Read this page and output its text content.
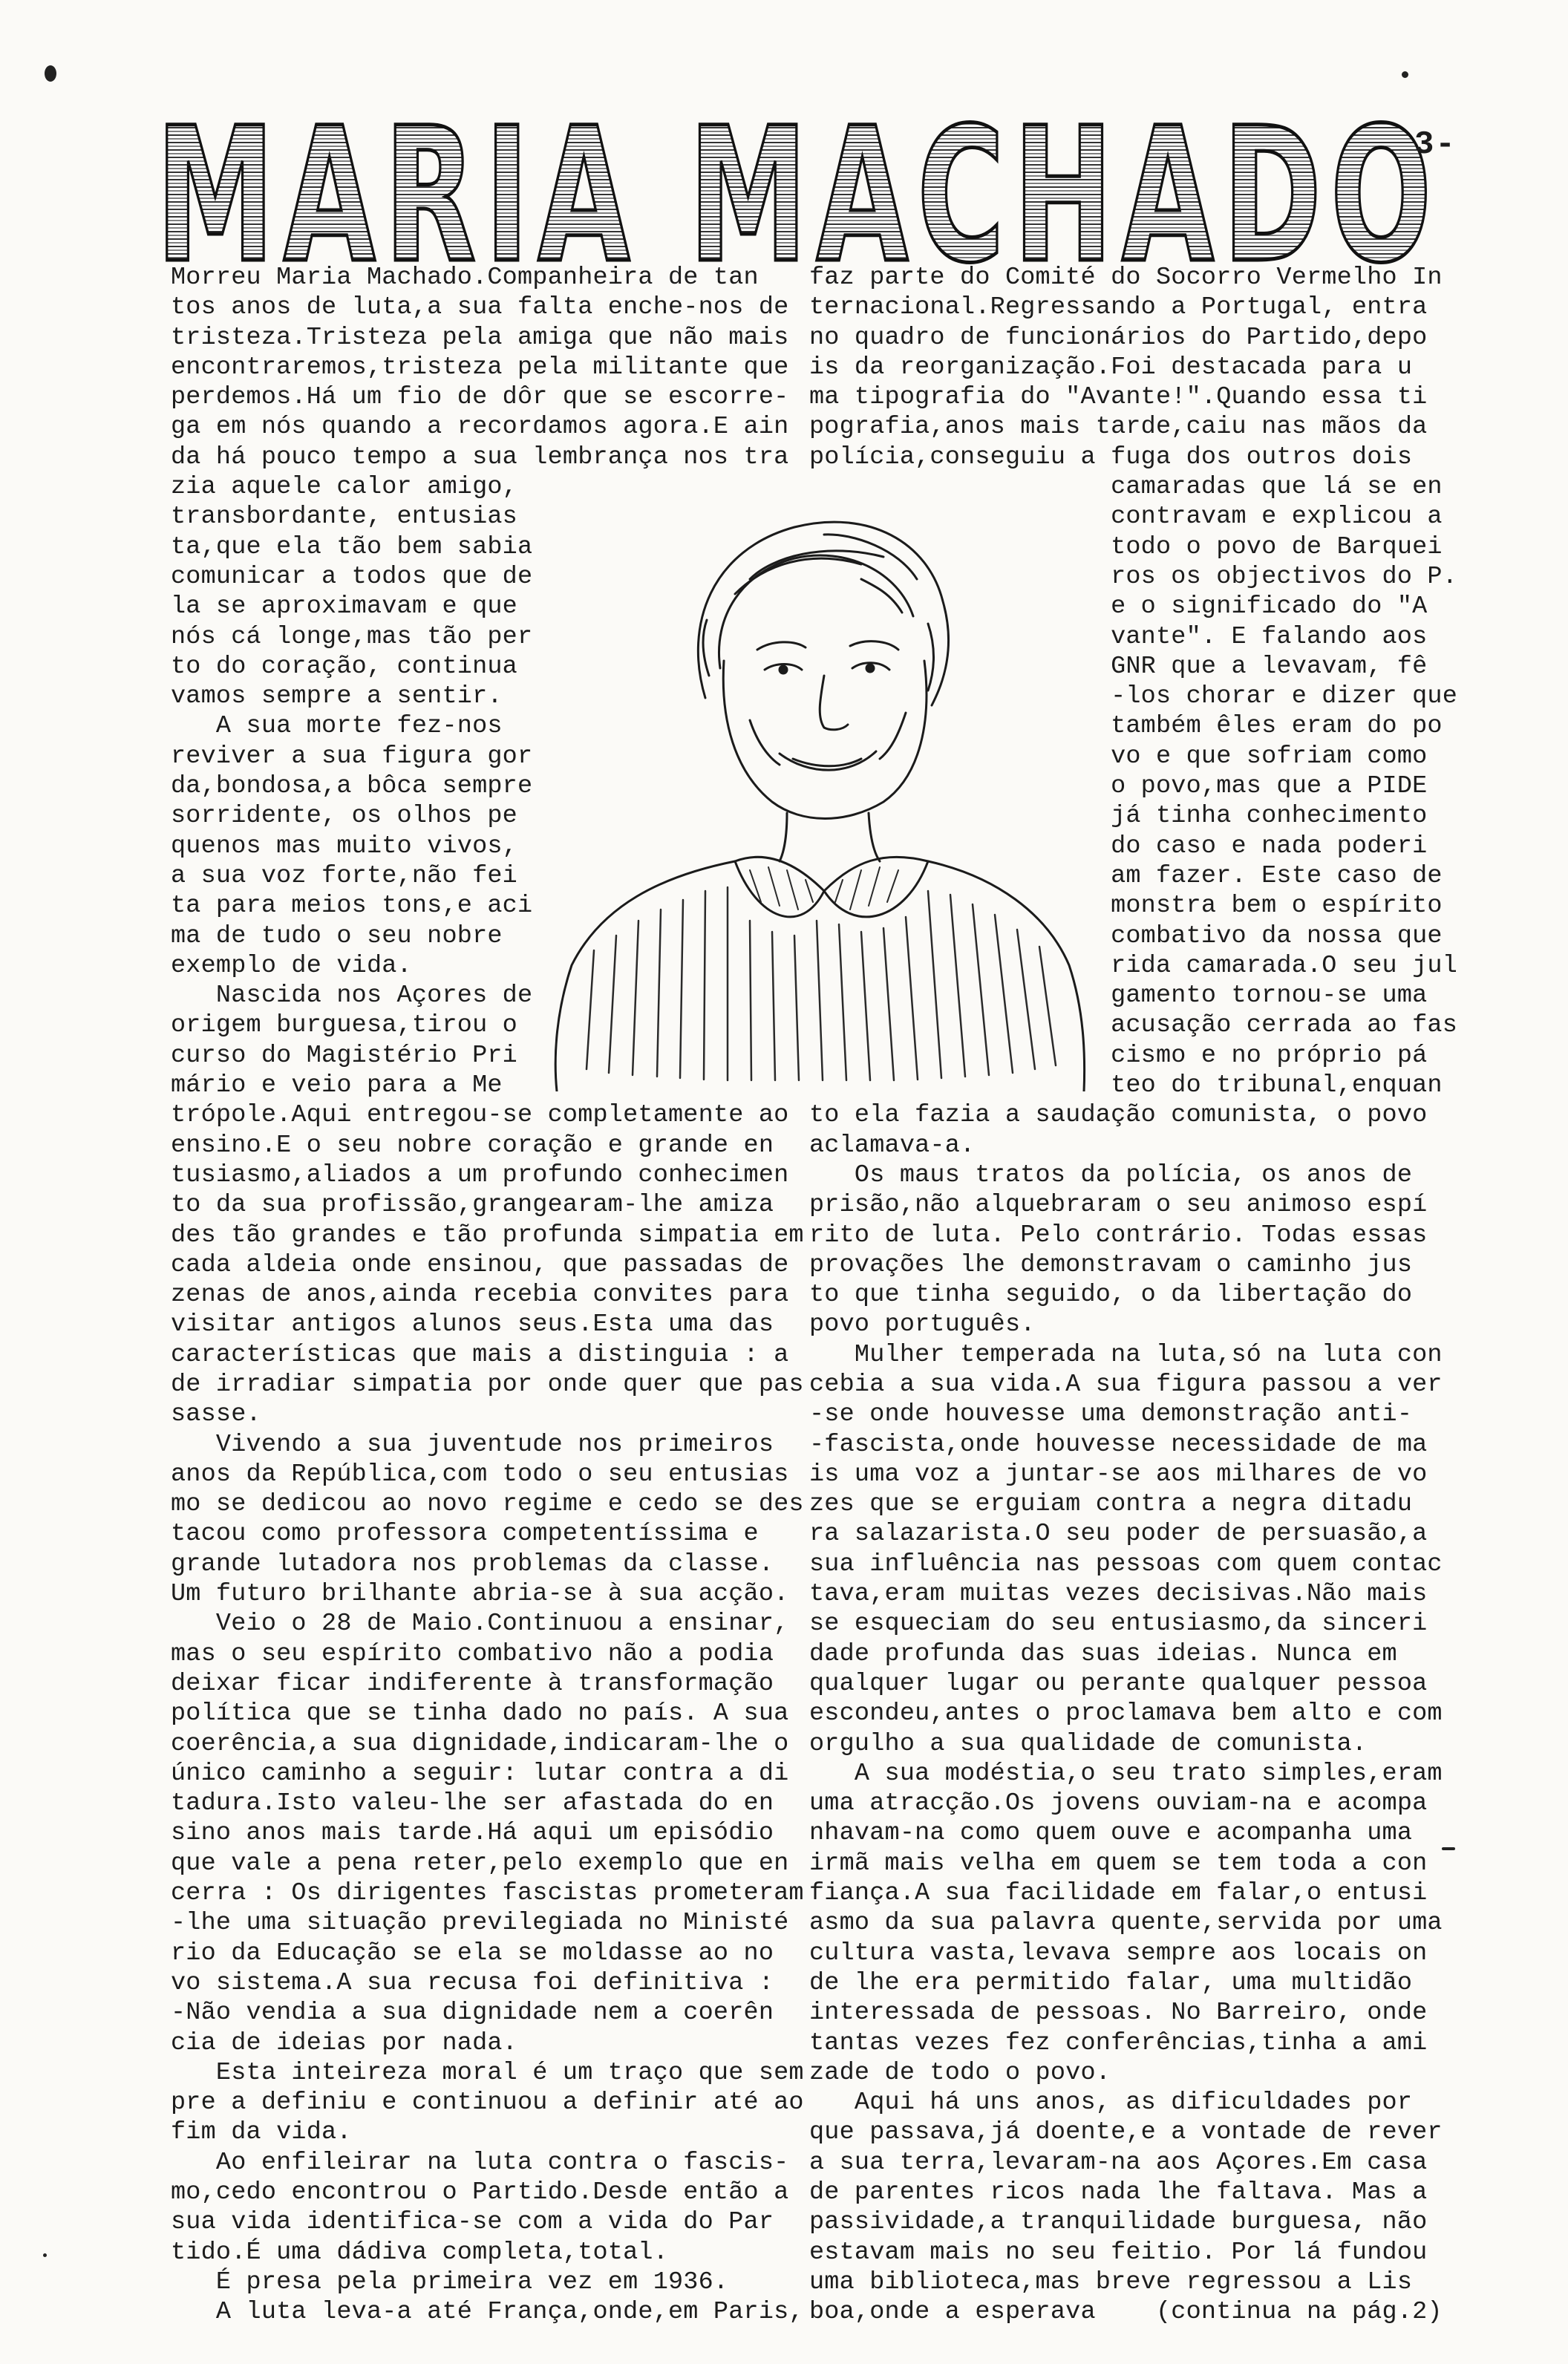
MARIA MACHADO
3-
Morreu Maria Machado.Companheira de tan
tos anos de luta,a sua falta enche-nos de
tristeza.Tristeza pela amiga que não mais
encontraremos,tristeza pela militante que
perdemos.Há um fio de dôr que se escorre-
ga em nós quando a recordamos agora.E ain
da há pouco tempo a sua lembrança nos tra
zia aquele calor amigo,
transbordante, entusias
ta,que ela tão bem sabia
comunicar a todos que de
la se aproximavam e que
nós cá longe,mas tão per
to do coração, continua
vamos sempre a sentir.
A sua morte fez-nos
reviver a sua figura gor
da,bondosa,a bôca sempre
sorridente, os olhos pe
quenos mas muito vivos,
a sua voz forte,não fei
ta para meios tons,e aci
ma de tudo o seu nobre
exemplo de vida.
Nascida nos Açores de
origem burguesa,tirou o
curso do Magistério Pri
mário e veio para a Me
trópole.Aqui entregou-se completamente ao
ensino.E o seu nobre coração e grande en
tusiasmo,aliados a um profundo conhecimen
to da sua profissão,grangearam-lhe amiza
des tão grandes e tão profunda simpatia em
cada aldeia onde ensinou, que passadas de
zenas de anos,ainda recebia convites para
visitar antigos alunos seus.Esta uma das
características que mais a distinguia : a
de irradiar simpatia por onde quer que pas
sasse.
Vivendo a sua juventude nos primeiros
anos da República,com todo o seu entusias
mo se dedicou ao novo regime e cedo se des
tacou como professora competentíssima e
grande lutadora nos problemas da classe.
Um futuro brilhante abria-se à sua acção.
Veio o 28 de Maio.Continuou a ensinar,
mas o seu espírito combativo não a podia
deixar ficar indiferente à transformação
política que se tinha dado no país. A sua
coerência,a sua dignidade,indicaram-lhe o
único caminho a seguir: lutar contra a di
tadura.Isto valeu-lhe ser afastada do en
sino anos mais tarde.Há aqui um episódio
que vale a pena reter,pelo exemplo que en
cerra : Os dirigentes fascistas prometeram
-lhe uma situação previlegiada no Ministé
rio da Educação se ela se moldasse ao no
vo sistema.A sua recusa foi definitiva :
-Não vendia a sua dignidade nem a coerên
cia de ideias por nada.
Esta inteireza moral é um traço que sem
pre a definiu e continuou a definir até ao
fim da vida.
Ao enfileirar na luta contra o fascis-
mo,cedo encontrou o Partido.Desde então a
sua vida identifica-se com a vida do Par
tido.É uma dádiva completa,total.
É presa pela primeira vez em 1936.
A luta leva-a até França,onde,em Paris,
faz parte do Comité do Socorro Vermelho In
ternacional.Regressando a Portugal, entra
no quadro de funcionários do Partido,depo
is da reorganização.Foi destacada para u
ma tipografia do "Avante!".Quando essa ti
pografia,anos mais tarde,caiu nas mãos da
polícia,conseguiu a fuga dos outros dois
camaradas que lá se en
contravam e explicou a
todo o povo de Barquei
ros os objectivos do P.
e o significado do "A
vante". E falando aos
GNR que a levavam, fê
-los chorar e dizer que
também êles eram do po
vo e que sofriam como
o povo,mas que a PIDE
já tinha conhecimento
do caso e nada poderi
am fazer. Este caso de
monstra bem o espírito
combativo da nossa que
rida camarada.O seu jul
gamento tornou-se uma
acusação cerrada ao fas
cismo e no próprio pá
teo do tribunal,enquan
to ela fazia a saudação comunista, o povo
aclamava-a.
Os maus tratos da polícia, os anos de
prisão,não alquebraram o seu animoso espí
rito de luta. Pelo contrário. Todas essas
provações lhe demonstravam o caminho jus
to que tinha seguido, o da libertação do
povo português.
Mulher temperada na luta,só na luta con
cebia a sua vida.A sua figura passou a ver
-se onde houvesse uma demonstração anti-
-fascista,onde houvesse necessidade de ma
is uma voz a juntar-se aos milhares de vo
zes que se erguiam contra a negra ditadu
ra salazarista.O seu poder de persuasão,a
sua influência nas pessoas com quem contac
tava,eram muitas vezes decisivas.Não mais
se esqueciam do seu entusiasmo,da sinceri
dade profunda das suas ideias. Nunca em
qualquer lugar ou perante qualquer pessoa
escondeu,antes o proclamava bem alto e com
orgulho a sua qualidade de comunista.
A sua modéstia,o seu trato simples,eram
uma atracção.Os jovens ouviam-na e acompa
nhavam-na como quem ouve e acompanha uma
irmã mais velha em quem se tem toda a con
fiança.A sua facilidade em falar,o entusi
asmo da sua palavra quente,servida por uma
cultura vasta,levava sempre aos locais on
de lhe era permitido falar, uma multidão
interessada de pessoas. No Barreiro, onde
tantas vezes fez conferências,tinha a ami
zade de todo o povo.
Aqui há uns anos, as dificuldades por
que passava,já doente,e a vontade de rever
a sua terra,levaram-na aos Açores.Em casa
de parentes ricos nada lhe faltava. Mas a
passividade,a tranquilidade burguesa, não
estavam mais no seu feitio. Por lá fundou
uma biblioteca,mas breve regressou a Lis
boa,onde a esperava    (continua na pág.2)
